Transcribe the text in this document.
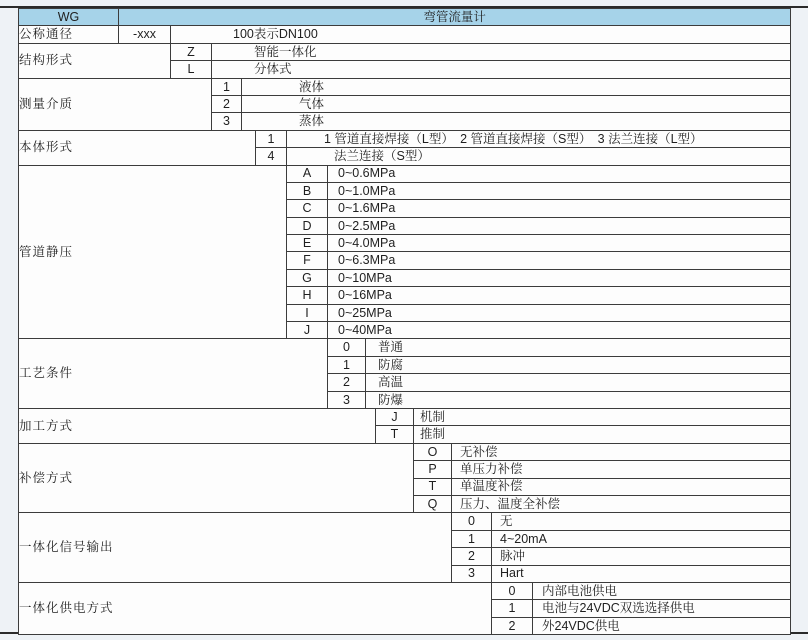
WG	弯管流量计												
公称通径	-xxx	100表示DN100											
结构形式		Z	智能一体化										
		L	分体式										
测量介质			1	液体									
			2	气体									
			3	蒸体									
本体形式					1	1 管道直接焊接（L型）　2 管道直接焊接（S型）　3 法兰连接（L型）							
					4	法兰连接（S型）							
管道静压						A	0~0.6MPa						
						B	0~1.0MPa						
						C	0~1.6MPa						
						D	0~2.5MPa						
						E	0~4.0MPa						
						F	0~6.3MPa						
						G	0~10MPa						
						H	0~16MPa						
						I	0~25MPa						
						J	0~40MPa						
工艺条件							0	普通					
							1	防腐					
							2	高温					
							3	防爆					
加工方式									J	机制			
									T	推制			
补偿方式										O	无补偿		
										P	单压力补偿		
										T	单温度补偿		
										Q	压力、温度全补偿		
一体化信号输出											0	无	
											1	4~20mA	
											2	脉冲	
											3	Hart	
一体化供电方式												0	内部电池供电
												1	电池与24VDC双选选择供电
												2	外24VDC供电
